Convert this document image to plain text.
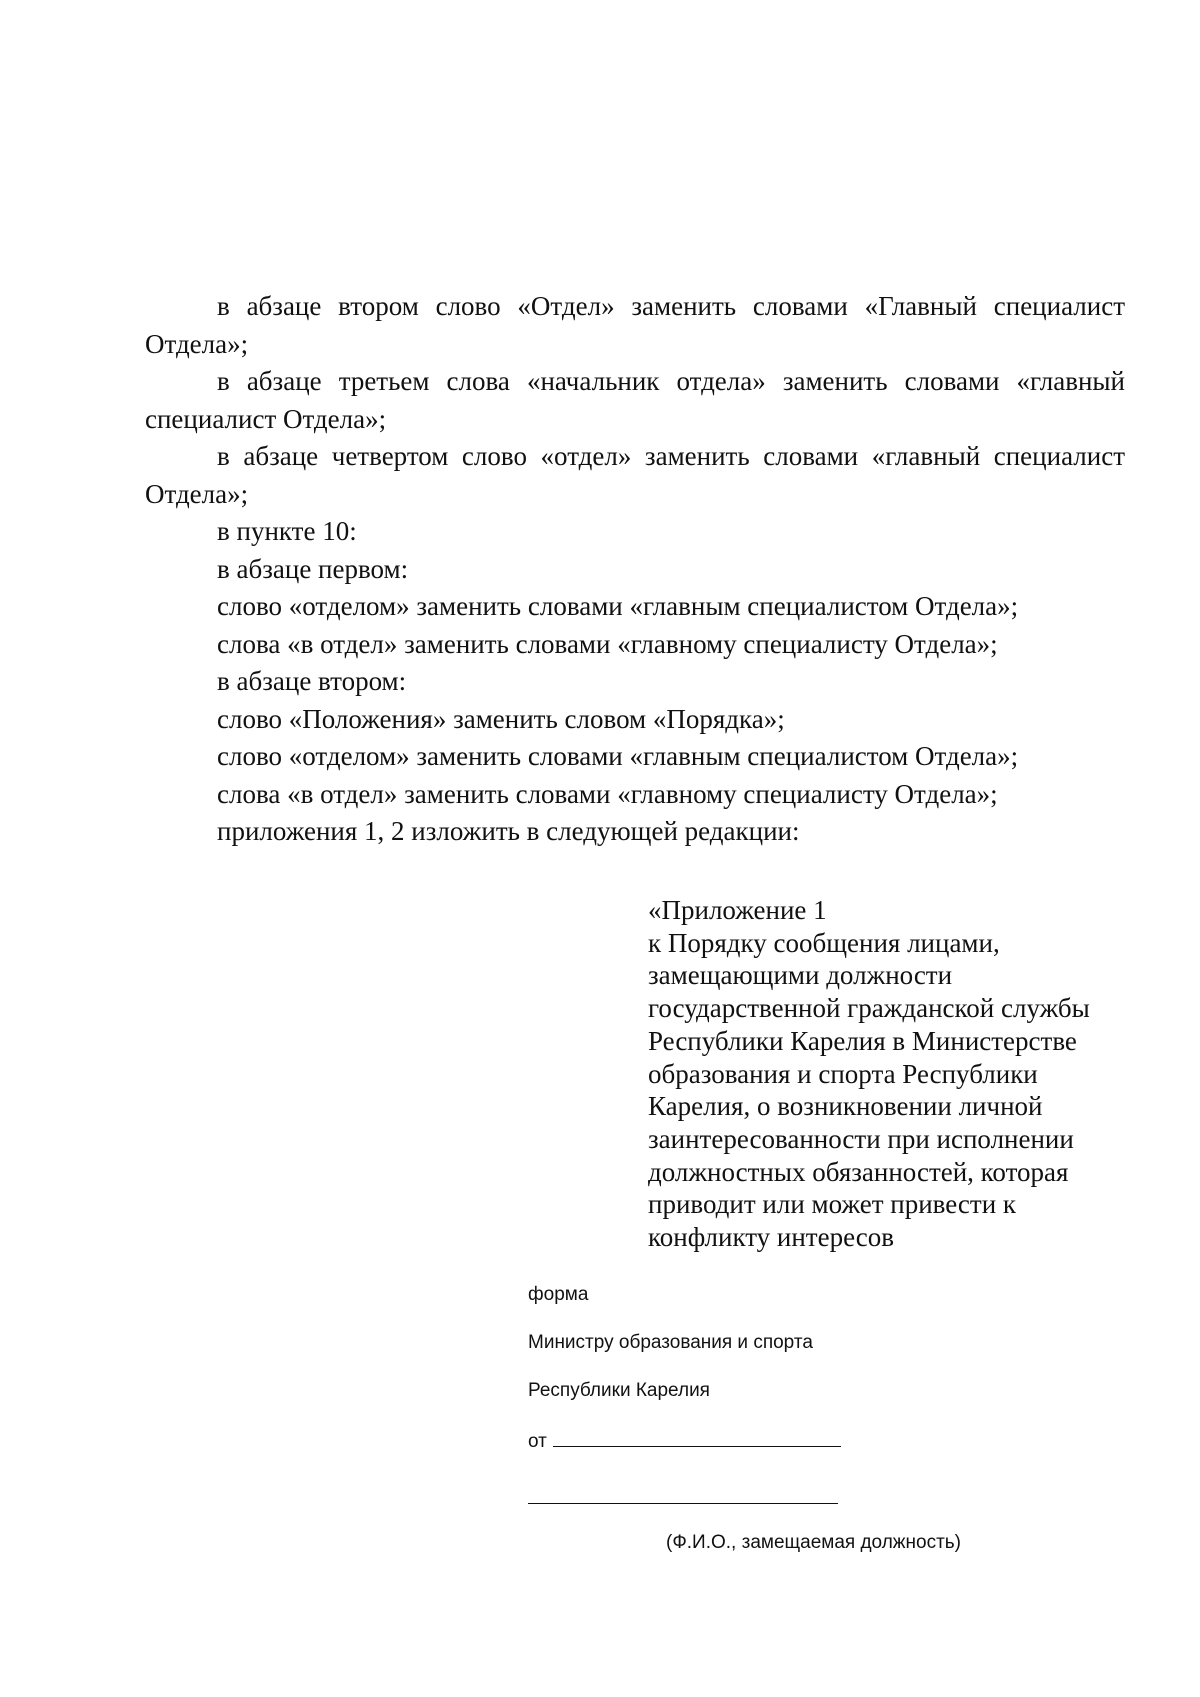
в абзаце втором слово «Отдел» заменить словами «Главный специалист Отдела»;

в абзаце третьем слова «начальник отдела» заменить словами «главный специалист Отдела»;

в абзаце четвертом слово «отдел» заменить словами «главный специалист Отдела»;

в пункте 10:

в абзаце первом:

слово «отделом» заменить словами «главным специалистом Отдела»;

слова «в отдел» заменить словами «главному специалисту Отдела»;

в абзаце втором:

слово «Положения» заменить словом «Порядка»;

слово «отделом» заменить словами «главным специалистом Отдела»;

слова «в отдел» заменить словами «главному специалисту Отдела»;

приложения 1, 2 изложить в следующей редакции:

«Приложение 1

к Порядку сообщения лицами,

замещающими должности

государственной гражданской службы

Республики Карелия в Министерстве

образования и спорта Республики

Карелия, о возникновении личной

заинтересованности при исполнении

должностных обязанностей, которая

приводит или может привести к

конфликту интересов

форма
Министру образования и спорта
Республики Карелия
от
(Ф.И.О., замещаемая должность)
